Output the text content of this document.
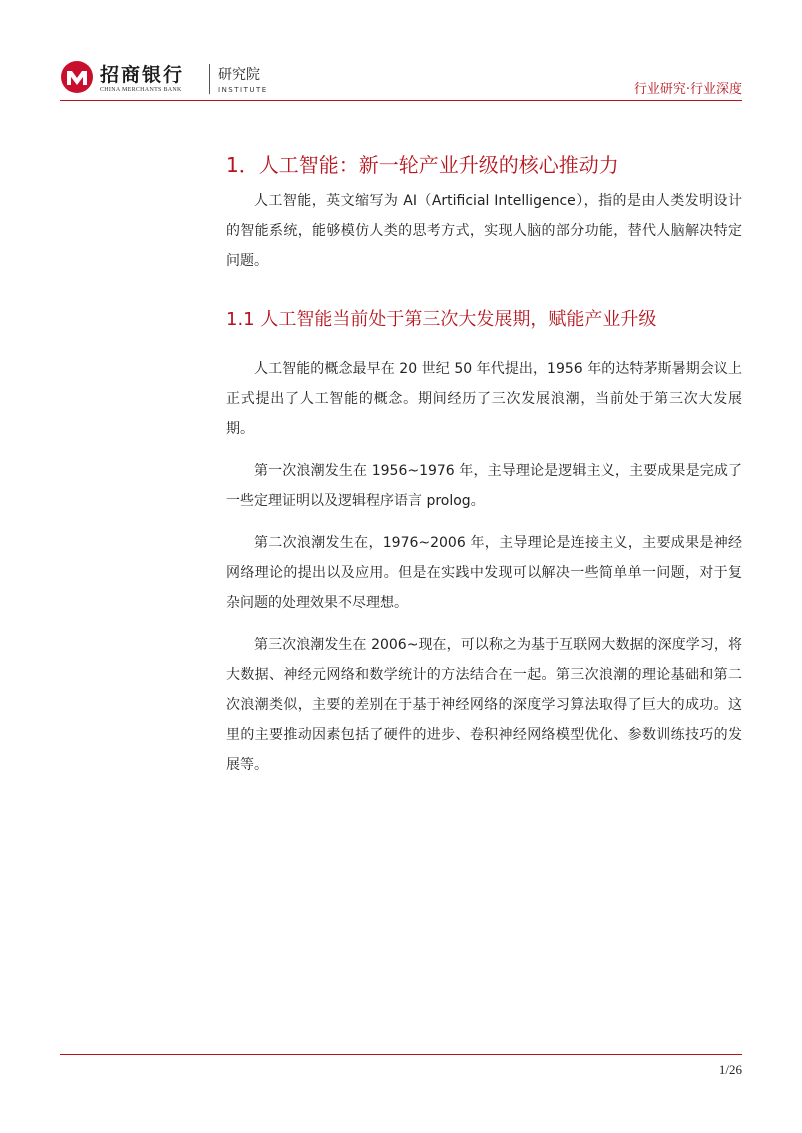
招商银行
CHINA MERCHANTS BANK
研究院
INSTITUTE	行业研究·行业深度
1．人工智能：新一轮产业升级的核心推动力

人工智能，英文缩写为 AI（Artificial Intelligence），指的是由人类发明设计的智能系统，能够模仿人类的思考方式，实现人脑的部分功能，替代人脑解决特定问题。

1.1 人工智能当前处于第三次大发展期，赋能产业升级

人工智能的概念最早在 20 世纪 50 年代提出，1956 年的达特茅斯暑期会议上正式提出了人工智能的概念。期间经历了三次发展浪潮，当前处于第三次大发展期。

第一次浪潮发生在 1956~1976 年，主导理论是逻辑主义，主要成果是完成了一些定理证明以及逻辑程序语言 prolog。

第二次浪潮发生在，1976~2006 年，主导理论是连接主义，主要成果是神经网络理论的提出以及应用。但是在实践中发现可以解决一些简单单一问题，对于复杂问题的处理效果不尽理想。

第三次浪潮发生在 2006~现在，可以称之为基于互联网大数据的深度学习，将大数据、神经元网络和数学统计的方法结合在一起。第三次浪潮的理论基础和第二次浪潮类似，主要的差别在于基于神经网络的深度学习算法取得了巨大的成功。这里的主要推动因素包括了硬件的进步、卷积神经网络模型优化、参数训练技巧的发展等。

1/26
